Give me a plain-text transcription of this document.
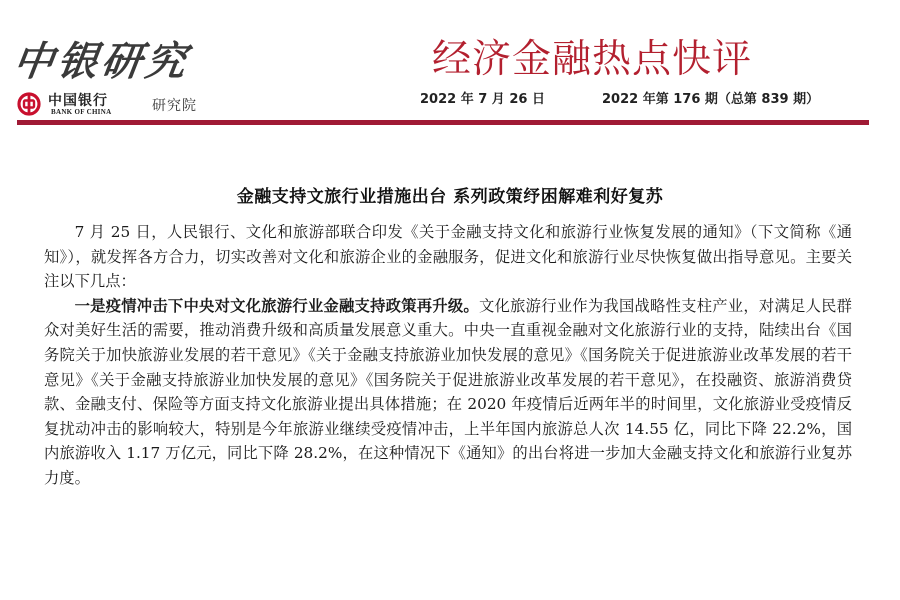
中银研究
中国银行
BANK OF CHINA	研究院
经济金融热点快评
2022 年 7 月 26 日	2022 年第 176 期（总第 839 期）
金融支持文旅行业措施出台 系列政策纾困解难利好复苏

7 月 25 日，人民银行、文化和旅游部联合印发《关于金融支持文化和旅游行业恢复发展的通知》（下文简称《通知》），就发挥各方合力，切实改善对文化和旅游企业的金融服务，促进文化和旅游行业尽快恢复做出指导意见。主要关注以下几点：

一是疫情冲击下中央对文化旅游行业金融支持政策再升级。文化旅游行业作为我国战略性支柱产业，对满足人民群众对美好生活的需要，推动消费升级和高质量发展意义重大。中央一直重视金融对文化旅游行业的支持，陆续出台《国务院关于加快旅游业发展的若干意见》《关于金融支持旅游业加快发展的意见》《国务院关于促进旅游业改革发展的若干意见》《关于金融支持旅游业加快发展的意见》《国务院关于促进旅游业改革发展的若干意见》，在投融资、旅游消费贷款、金融支付、保险等方面支持文化旅游业提出具体措施；在 2020 年疫情后近两年半的时间里，文化旅游业受疫情反复扰动冲击的影响较大，特别是今年旅游业继续受疫情冲击，上半年国内旅游总人次 14.55 亿，同比下降 22.2%，国内旅游收入 1.17 万亿元，同比下降 28.2%，在这种情况下《通知》的出台将进一步加大金融支持文化和旅游行业复苏力度。
